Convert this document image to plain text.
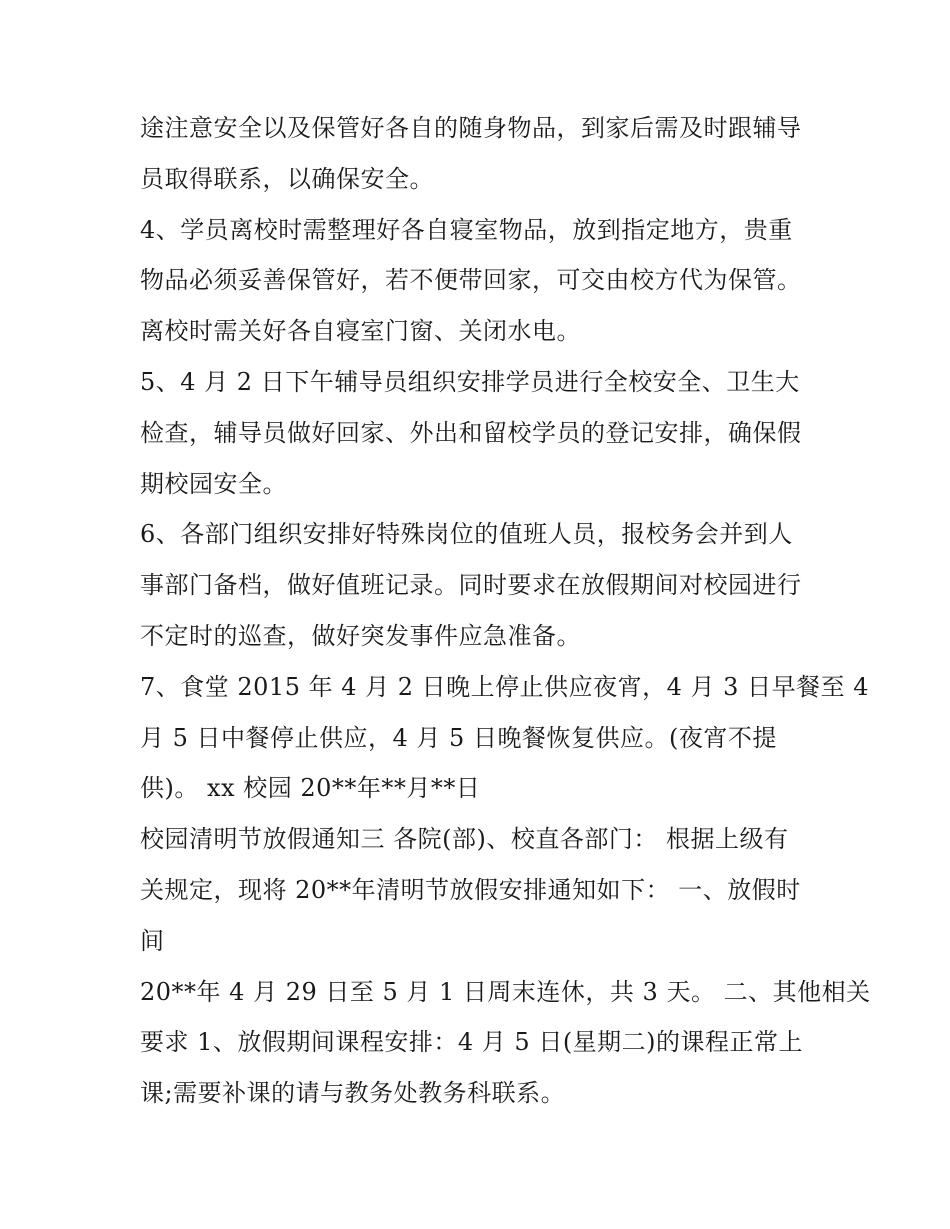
途注意安全以及保管好各自的随身物品，到家后需及时跟辅导
员取得联系，以确保安全。
4、学员离校时需整理好各自寝室物品，放到指定地方，贵重
物品必须妥善保管好，若不便带回家，可交由校方代为保管。
离校时需关好各自寝室门窗、关闭水电。
5、4 月 2 日下午辅导员组织安排学员进行全校安全、卫生大
检查，辅导员做好回家、外出和留校学员的登记安排，确保假
期校园安全。
6、各部门组织安排好特殊岗位的值班人员，报校务会并到人
事部门备档，做好值班记录。同时要求在放假期间对校园进行
不定时的巡查，做好突发事件应急准备。
7、食堂 2015 年 4 月 2 日晚上停止供应夜宵，4 月 3 日早餐至 4
月 5 日中餐停止供应，4 月 5 日晚餐恢复供应。(夜宵不提
供)。 xx 校园 20**年**月**日
校园清明节放假通知三 各院(部)、校直各部门： 根据上级有
关规定，现将 20**年清明节放假安排通知如下： 一、放假时
间
20**年 4 月 29 日至 5 月 1 日周末连休，共 3 天。 二、其他相关
要求 1、放假期间课程安排：4 月 5 日(星期二)的课程正常上
课;需要补课的请与教务处教务科联系。
